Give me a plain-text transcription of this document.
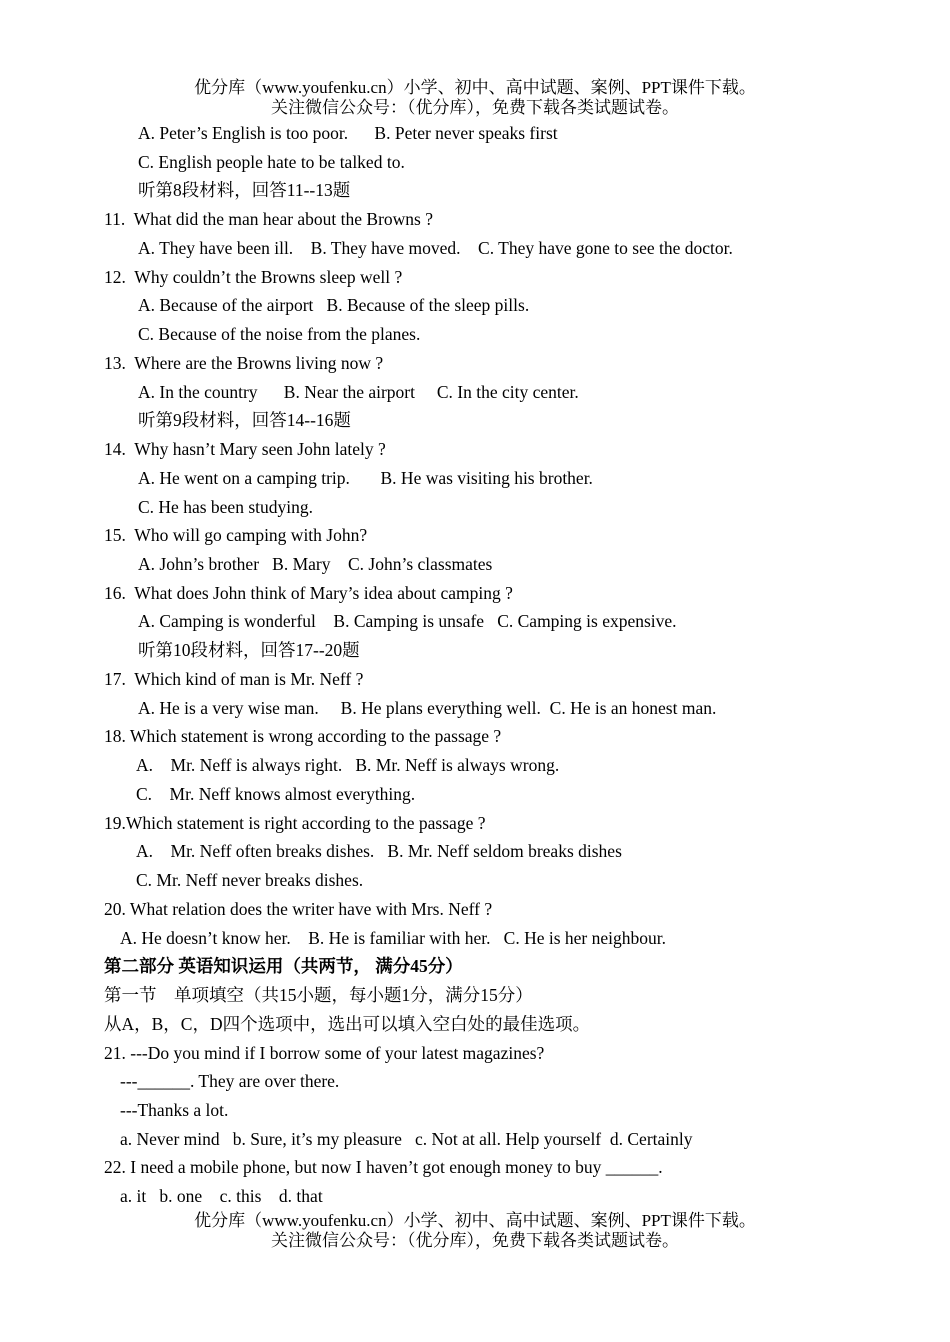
优分库（www.youfenku.cn）小学、初中、高中试题、案例、PPT课件下载。
关注微信公众号：（优分库），免费下载各类试题试卷。
A. Peter’s English is too poor.      B. Peter never speaks first
C. English people hate to be talked to.
听第8段材料，回答11--13题
11.  What did the man hear about the Browns ?
A. They have been ill.    B. They have moved.    C. They have gone to see the doctor.
12.  Why couldn’t the Browns sleep well ?
A. Because of the airport   B. Because of the sleep pills.
C. Because of the noise from the planes.
13.  Where are the Browns living now ?
A. In the country      B. Near the airport     C. In the city center.
听第9段材料，回答14--16题
14.  Why hasn’t Mary seen John lately ?
A. He went on a camping trip.       B. He was visiting his brother.
C. He has been studying.
15.  Who will go camping with John?
A. John’s brother   B. Mary    C. John’s classmates
16.  What does John think of Mary’s idea about camping ?
A. Camping is wonderful    B. Camping is unsafe   C. Camping is expensive.
听第10段材料，回答17--20题
17.  Which kind of man is Mr. Neff ?
A. He is a very wise man.     B. He plans everything well.  C. He is an honest man.
18. Which statement is wrong according to the passage ?
A.    Mr. Neff is always right.   B. Mr. Neff is always wrong.
C.    Mr. Neff knows almost everything.
19.Which statement is right according to the passage ?
A.    Mr. Neff often breaks dishes.   B. Mr. Neff seldom breaks dishes
C. Mr. Neff never breaks dishes.
20. What relation does the writer have with Mrs. Neff ?
A. He doesn’t know her.    B. He is familiar with her.   C. He is her neighbour.
第二部分 英语知识运用（共两节， 满分45分）
第一节    单项填空（共15小题，每小题1分，满分15分）
从A，B，C，D四个选项中，选出可以填入空白处的最佳选项。
21. ---Do you mind if I borrow some of your latest magazines?
---______. They are over there.
---Thanks a lot.
a. Never mind   b. Sure, it’s my pleasure   c. Not at all. Help yourself  d. Certainly
22. I need a mobile phone, but now I haven’t got enough money to buy ______.
a. it   b. one    c. this    d. that
优分库（www.youfenku.cn）小学、初中、高中试题、案例、PPT课件下载。
关注微信公众号：（优分库），免费下载各类试题试卷。
